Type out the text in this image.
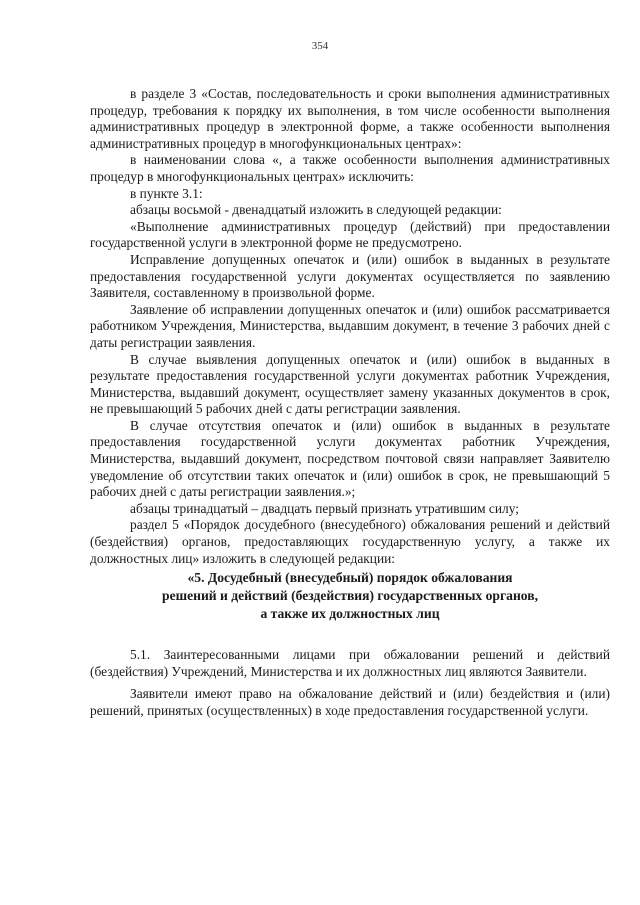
354

в разделе 3 «Состав, последовательность и сроки выполнения административных процедур, требования к порядку их выполнения, в том числе особенности выполнения административных процедур в электронной форме, а также особенности выполнения административных процедур в многофункциональных центрах»:

в наименовании слова «, а также особенности выполнения административных процедур в многофункциональных центрах» исключить:

в пункте 3.1:

абзацы восьмой - двенадцатый изложить в следующей редакции:

«Выполнение административных процедур (действий) при предоставлении государственной услуги в электронной форме не предусмотрено.

Исправление допущенных опечаток и (или) ошибок в выданных в результате предоставления государственной услуги документах осуществляется по заявлению Заявителя, составленному в произвольной форме.

Заявление об исправлении допущенных опечаток и (или) ошибок рассматривается работником Учреждения, Министерства, выдавшим документ, в течение 3 рабочих дней с даты регистрации заявления.

В случае выявления допущенных опечаток и (или) ошибок в выданных в результате предоставления государственной услуги документах работник Учреждения, Министерства, выдавший документ, осуществляет замену указанных документов в срок, не превышающий 5 рабочих дней с даты регистрации заявления.

В случае отсутствия опечаток и (или) ошибок в выданных в результате предоставления государственной услуги документах работник Учреждения, Министерства, выдавший документ, посредством почтовой связи направляет Заявителю уведомление об отсутствии таких опечаток и (или) ошибок в срок, не превышающий 5 рабочих дней с даты регистрации заявления.»;

абзацы тринадцатый – двадцать первый признать утратившим силу;

раздел 5 «Порядок досудебного (внесудебного) обжалования решений и действий (бездействия) органов, предоставляющих государственную услугу, а также их должностных лиц» изложить в следующей редакции:

«5. Досудебный (внесудебный) порядок обжалования
решений и действий (бездействия) государственных органов,
а также их должностных лиц

5.1. Заинтересованными лицами при обжаловании решений и действий (бездействия) Учреждений, Министерства и их должностных лиц являются Заявители.

Заявители имеют право на обжалование действий и (или) бездействия и (или) решений, принятых (осуществленных) в ходе предоставления государственной услуги.
